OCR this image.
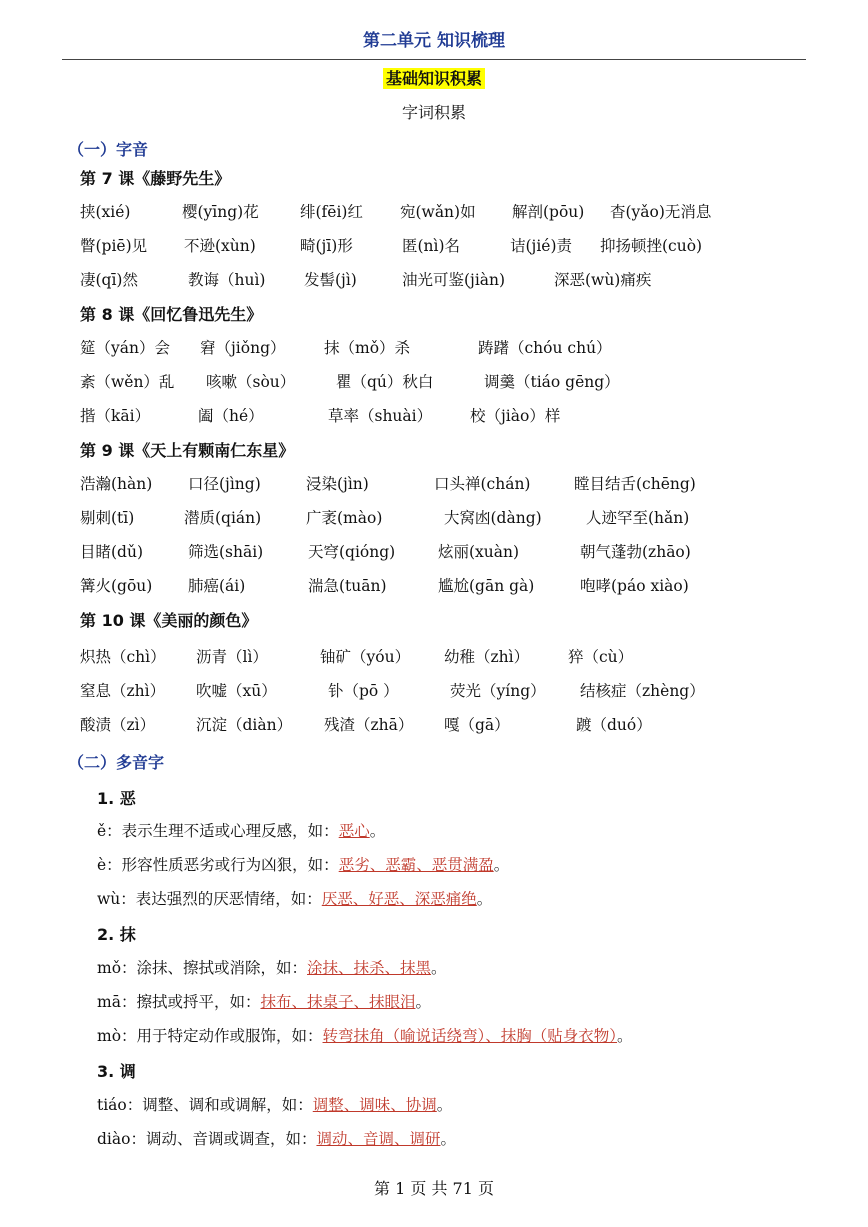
第二单元 知识梳理
基础知识积累
字词积累
（一）字音
第 7 课《藤野先生》
挟(xié)	樱(yīng)花	绯(fēi)红 宛(wǎn)如 解剖(pōu) 杳(yǎo)无消息
瞥(piē)见 不逊(xùn)	畸(jī)形	匿(nì)名	诘(jié)责 抑扬顿挫(cuò)
凄(qī)然	教诲（huì) 发髻(jì)	油光可鉴(jiàn)	深恶(wù)痛疾
第 8 课《回忆鲁迅先生》
筵（yán）会 窘（jiǒng） 抹（mǒ）杀	踌躇（chóu chú）
紊（wěn）乱 咳嗽（sòu）	瞿（qú）秋白	调羹（tiáo gēng）
揩（kāi）	阖（hé）	草率（shuài） 校（jiào）样
第 9 课《天上有颗南仁东星》
浩瀚(hàn) 口径(jìng)	浸染(jìn)	口头禅(chán)	瞠目结舌(chēng)
剔刺(tī)	潜质(qián)	广袤(mào)	大窝凼(dàng)	人迹罕至(hǎn)
目睹(dǔ)	筛选(shāi)	天穹(qióng)	炫丽(xuàn)	朝气蓬勃(zhāo)
篝火(gōu) 肺癌(ái)	湍急(tuān)	尴尬(gān gà)	咆哮(páo xiào)
第 10 课《美丽的颜色》
炽热（chì） 沥青（lì）	铀矿（yóu） 幼稚（zhì）	猝（cù）
窒息（zhì） 吹嘘（xū）	钋（pō ）	荧光（yíng） 结核症（zhèng）
酸渍（zì）	沉淀（diàn） 残渣（zhā） 嘎（gā）	踱（duó）
（二）多音字
1. 恶
ě：表示生理不适或心理反感，如：恶心。
è：形容性质恶劣或行为凶狠，如：恶劣、恶霸、恶贯满盈。
wù：表达强烈的厌恶情绪，如：厌恶、好恶、深恶痛绝。
2. 抹
mǒ：涂抹、擦拭或消除，如：涂抹、抹杀、抹黑。
mā：擦拭或捋平，如：抹布、抹桌子、抹眼泪。
mò：用于特定动作或服饰，如：转弯抹角（喻说话绕弯）、抹胸（贴身衣物）。
3. 调
tiáo：调整、调和或调解，如：调整、调味、协调。
diào：调动、音调或调查，如：调动、音调、调研。
第 1 页 共 71 页
